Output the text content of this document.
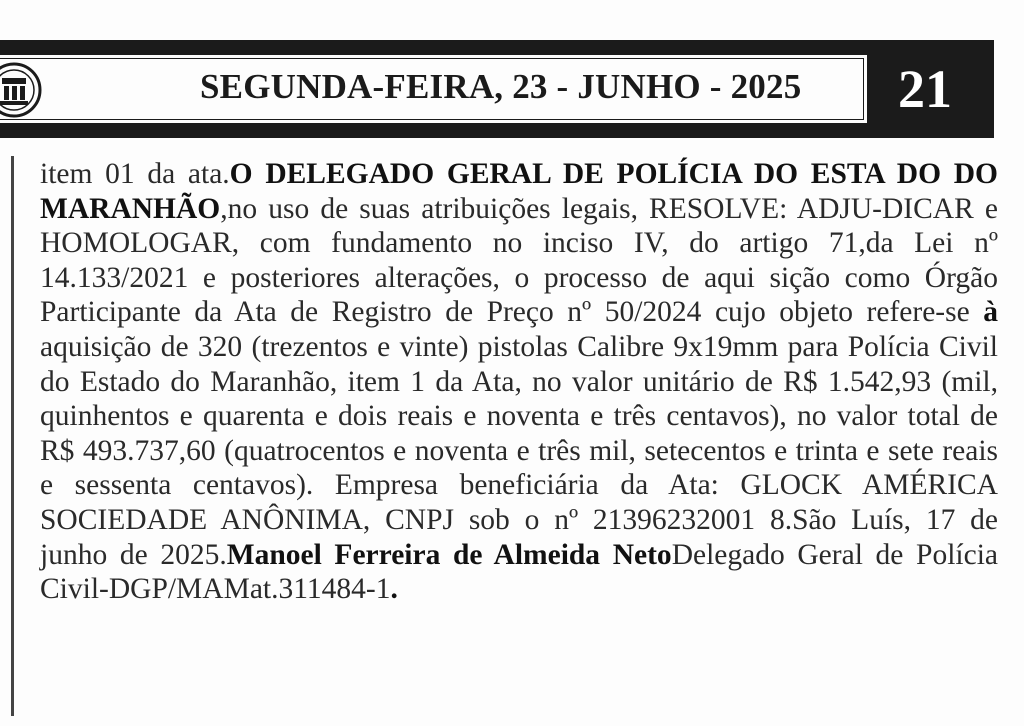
SEGUNDA-FEIRA, 23 - JUNHO - 2025	21
item 01 da ata.O DELEGADO GERAL DE POLÍCIA DO ESTA DO DO MARANHÃO,no uso de suas atribuições legais, RESOLVE: ADJU-DICAR e HOMOLOGAR, com fundamento no inciso IV, do artigo 71,da Lei nº 14.133/2021 e posteriores alterações, o processo de aqui sição como Órgão Participante da Ata de Registro de Preço nº 50/2024 cujo objeto refere-se à aquisição de 320 (trezentos e vinte) pistolas Calibre 9x19mm para Polícia Civil do Estado do Maranhão, item 1 da Ata, no valor unitário de R$ 1.542,93 (mil, quinhentos e quarenta e dois reais e noventa e três centavos), no valor total de R$ 493.737,60 (quatrocentos e noventa e três mil, setecentos e trinta e sete reais e sessenta centavos). Empresa beneficiária da Ata: GLOCK AMÉRICA SOCIEDADE ANÔNIMA, CNPJ sob o nº 21396232001 8.São Luís, 17 de junho de 2025.Manoel Ferreira de Almeida NetoDelegado Geral de Polícia Civil-DGP/MAMat.311484-1.
